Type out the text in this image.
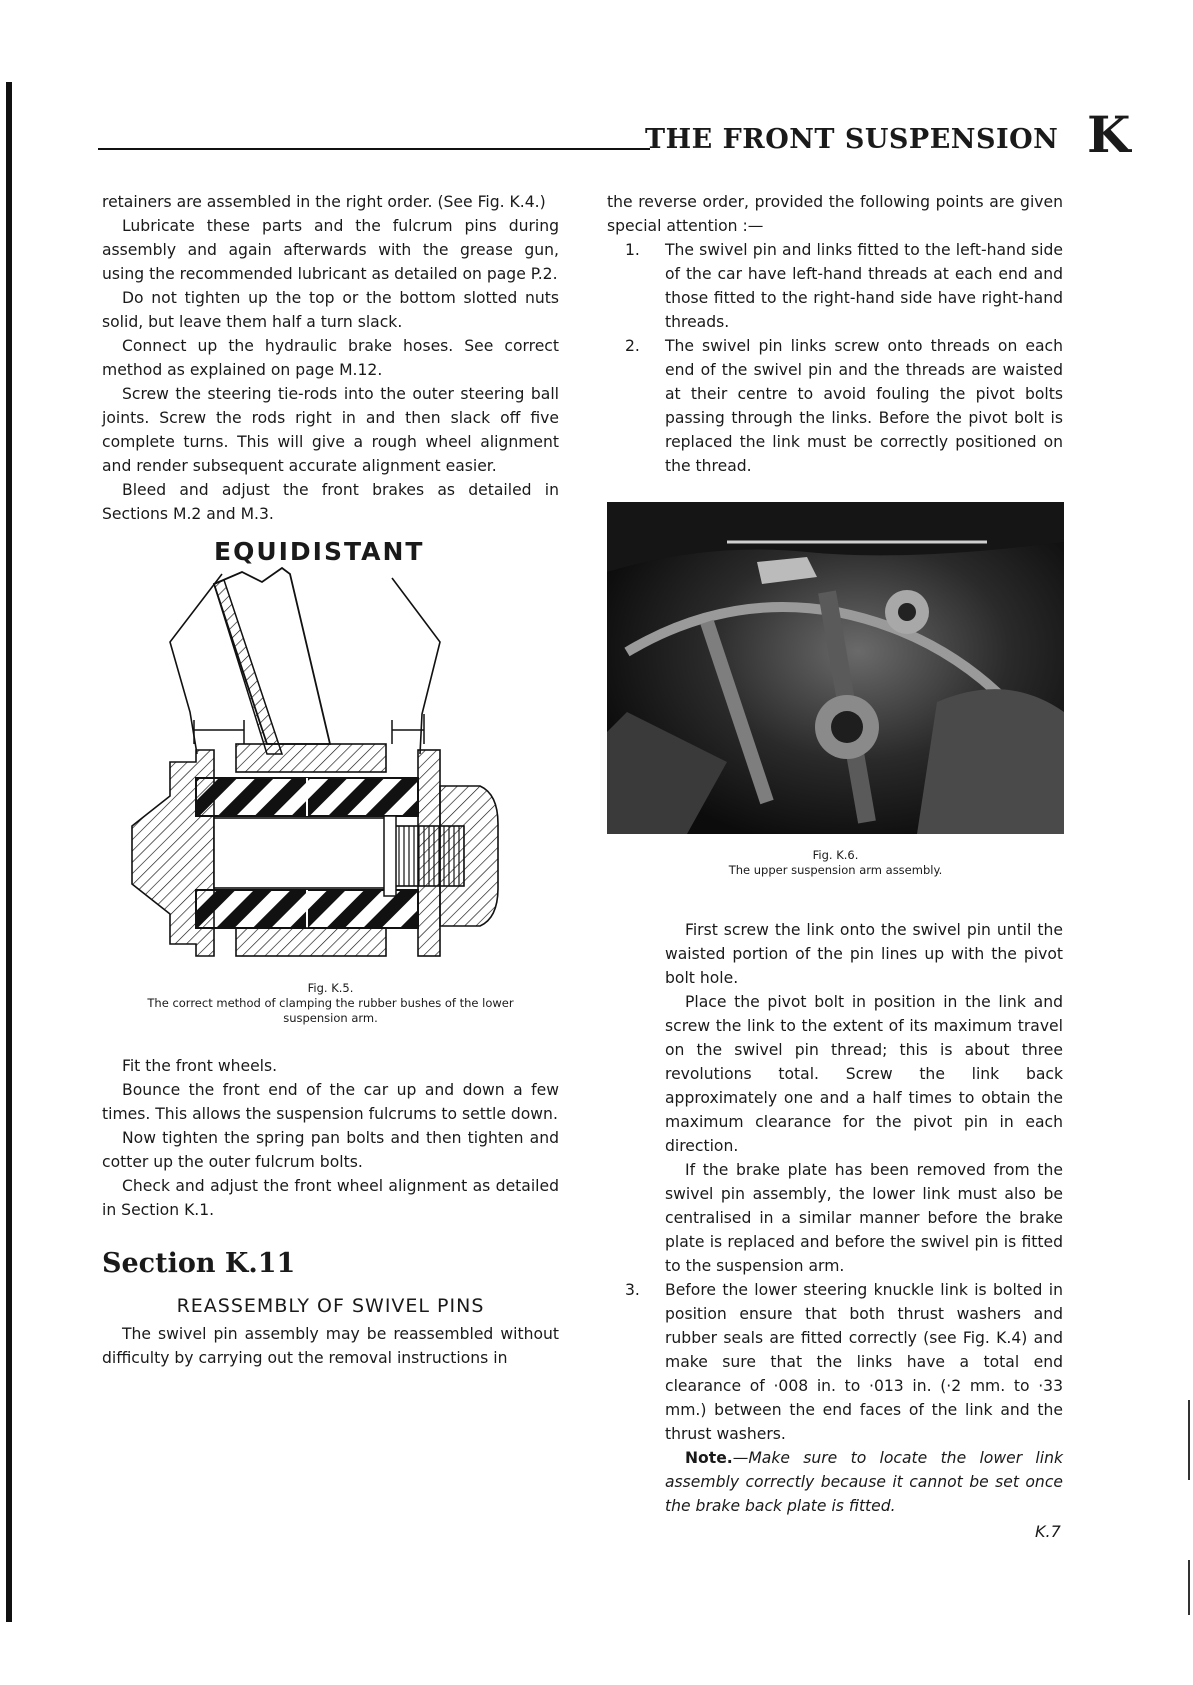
THE FRONT SUSPENSION K

retainers are assembled in the right order. (See Fig. K.4.)

Lubricate these parts and the fulcrum pins during assembly and again afterwards with the grease gun, using the recommended lubricant as detailed on page P.2.

Do not tighten up the top or the bottom slotted nuts solid, but leave them half a turn slack.

Connect up the hydraulic brake hoses. See correct method as explained on page M.12.

Screw the steering tie-rods into the outer steering ball joints. Screw the rods right in and then slack off five complete turns. This will give a rough wheel alignment and render subsequent accurate alignment easier.

Bleed and adjust the front brakes as detailed in Sections M.2 and M.3.

EQUIDISTANT
Fig. K.5.
The correct method of clamping the rubber bushes of the lower suspension arm.

Fit the front wheels.

Bounce the front end of the car up and down a few times. This allows the suspension fulcrums to settle down.

Now tighten the spring pan bolts and then tighten and cotter up the outer fulcrum bolts.

Check and adjust the front wheel alignment as detailed in Section K.1.

Section K.11
REASSEMBLY OF SWIVEL PINS

The swivel pin assembly may be reassembled without difficulty by carrying out the removal instructions in

the reverse order, provided the following points are given special attention :—

1.	The swivel pin and links fitted to the left-hand side of the car have left-hand threads at each end and those fitted to the right-hand side have right-hand threads.
2.	The swivel pin links screw onto threads on each end of the swivel pin and the threads are waisted at their centre to avoid fouling the pivot bolts passing through the links. Before the pivot bolt is replaced the link must be correctly positioned on the thread.
Fig. K.6.
The upper suspension arm assembly.

First screw the link onto the swivel pin until the waisted portion of the pin lines up with the pivot bolt hole.

Place the pivot bolt in position in the link and screw the link to the extent of its maximum travel on the swivel pin thread; this is about three revolutions total. Screw the link back approximately one and a half times to obtain the maximum clearance for the pivot pin in each direction.

If the brake plate has been removed from the swivel pin assembly, the lower link must also be centralised in a similar manner before the brake plate is replaced and before the swivel pin is fitted to the suspension arm.

3.	Before the lower steering knuckle link is bolted in position ensure that both thrust washers and rubber seals are fitted correctly (see Fig. K.4) and make sure that the links have a total end clearance of ·008 in. to ·013 in. (·2 mm. to ·33 mm.) between the end faces of the link and the thrust washers.

Note.—Make sure to locate the lower link assembly correctly because it cannot be set once the brake back plate is fitted.

K.7
